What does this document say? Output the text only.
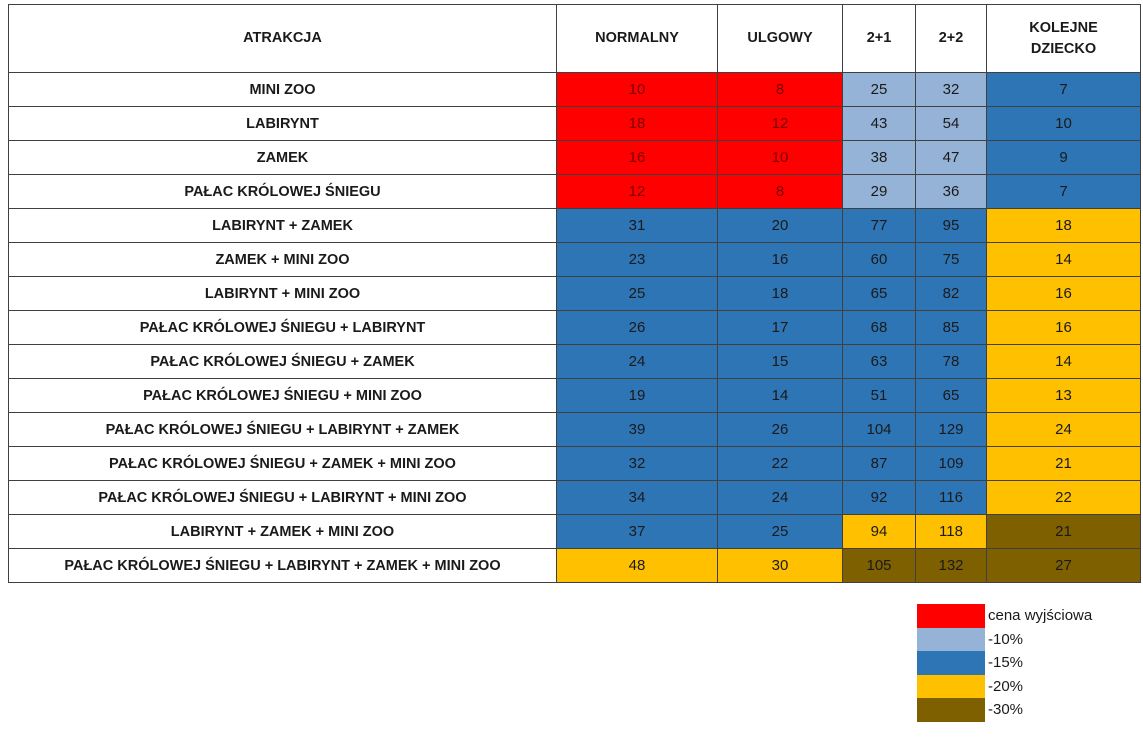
ATRAKCJA	NORMALNY	ULGOWY	2+1	2+2	KOLEJNE
DZIECKO

MINI ZOO	10	8	25	32	7
LABIRYNT	18	12	43	54	10
ZAMEK	16	10	38	47	9
PAŁAC KRÓLOWEJ ŚNIEGU	12	8	29	36	7
LABIRYNT + ZAMEK	31	20	77	95	18
ZAMEK + MINI ZOO	23	16	60	75	14
LABIRYNT + MINI ZOO	25	18	65	82	16
PAŁAC KRÓLOWEJ ŚNIEGU + LABIRYNT	26	17	68	85	16
PAŁAC KRÓLOWEJ ŚNIEGU + ZAMEK	24	15	63	78	14
PAŁAC KRÓLOWEJ ŚNIEGU + MINI ZOO	19	14	51	65	13
PAŁAC KRÓLOWEJ ŚNIEGU + LABIRYNT + ZAMEK	39	26	104	129	24
PAŁAC KRÓLOWEJ ŚNIEGU + ZAMEK + MINI ZOO	32	22	87	109	21
PAŁAC KRÓLOWEJ ŚNIEGU + LABIRYNT + MINI ZOO	34	24	92	116	22
LABIRYNT + ZAMEK + MINI ZOO	37	25	94	118	21
PAŁAC KRÓLOWEJ ŚNIEGU + LABIRYNT + ZAMEK + MINI ZOO	48	30	105	132	27
cena wyjściowa
-10%
-15%
-20%
-30%
